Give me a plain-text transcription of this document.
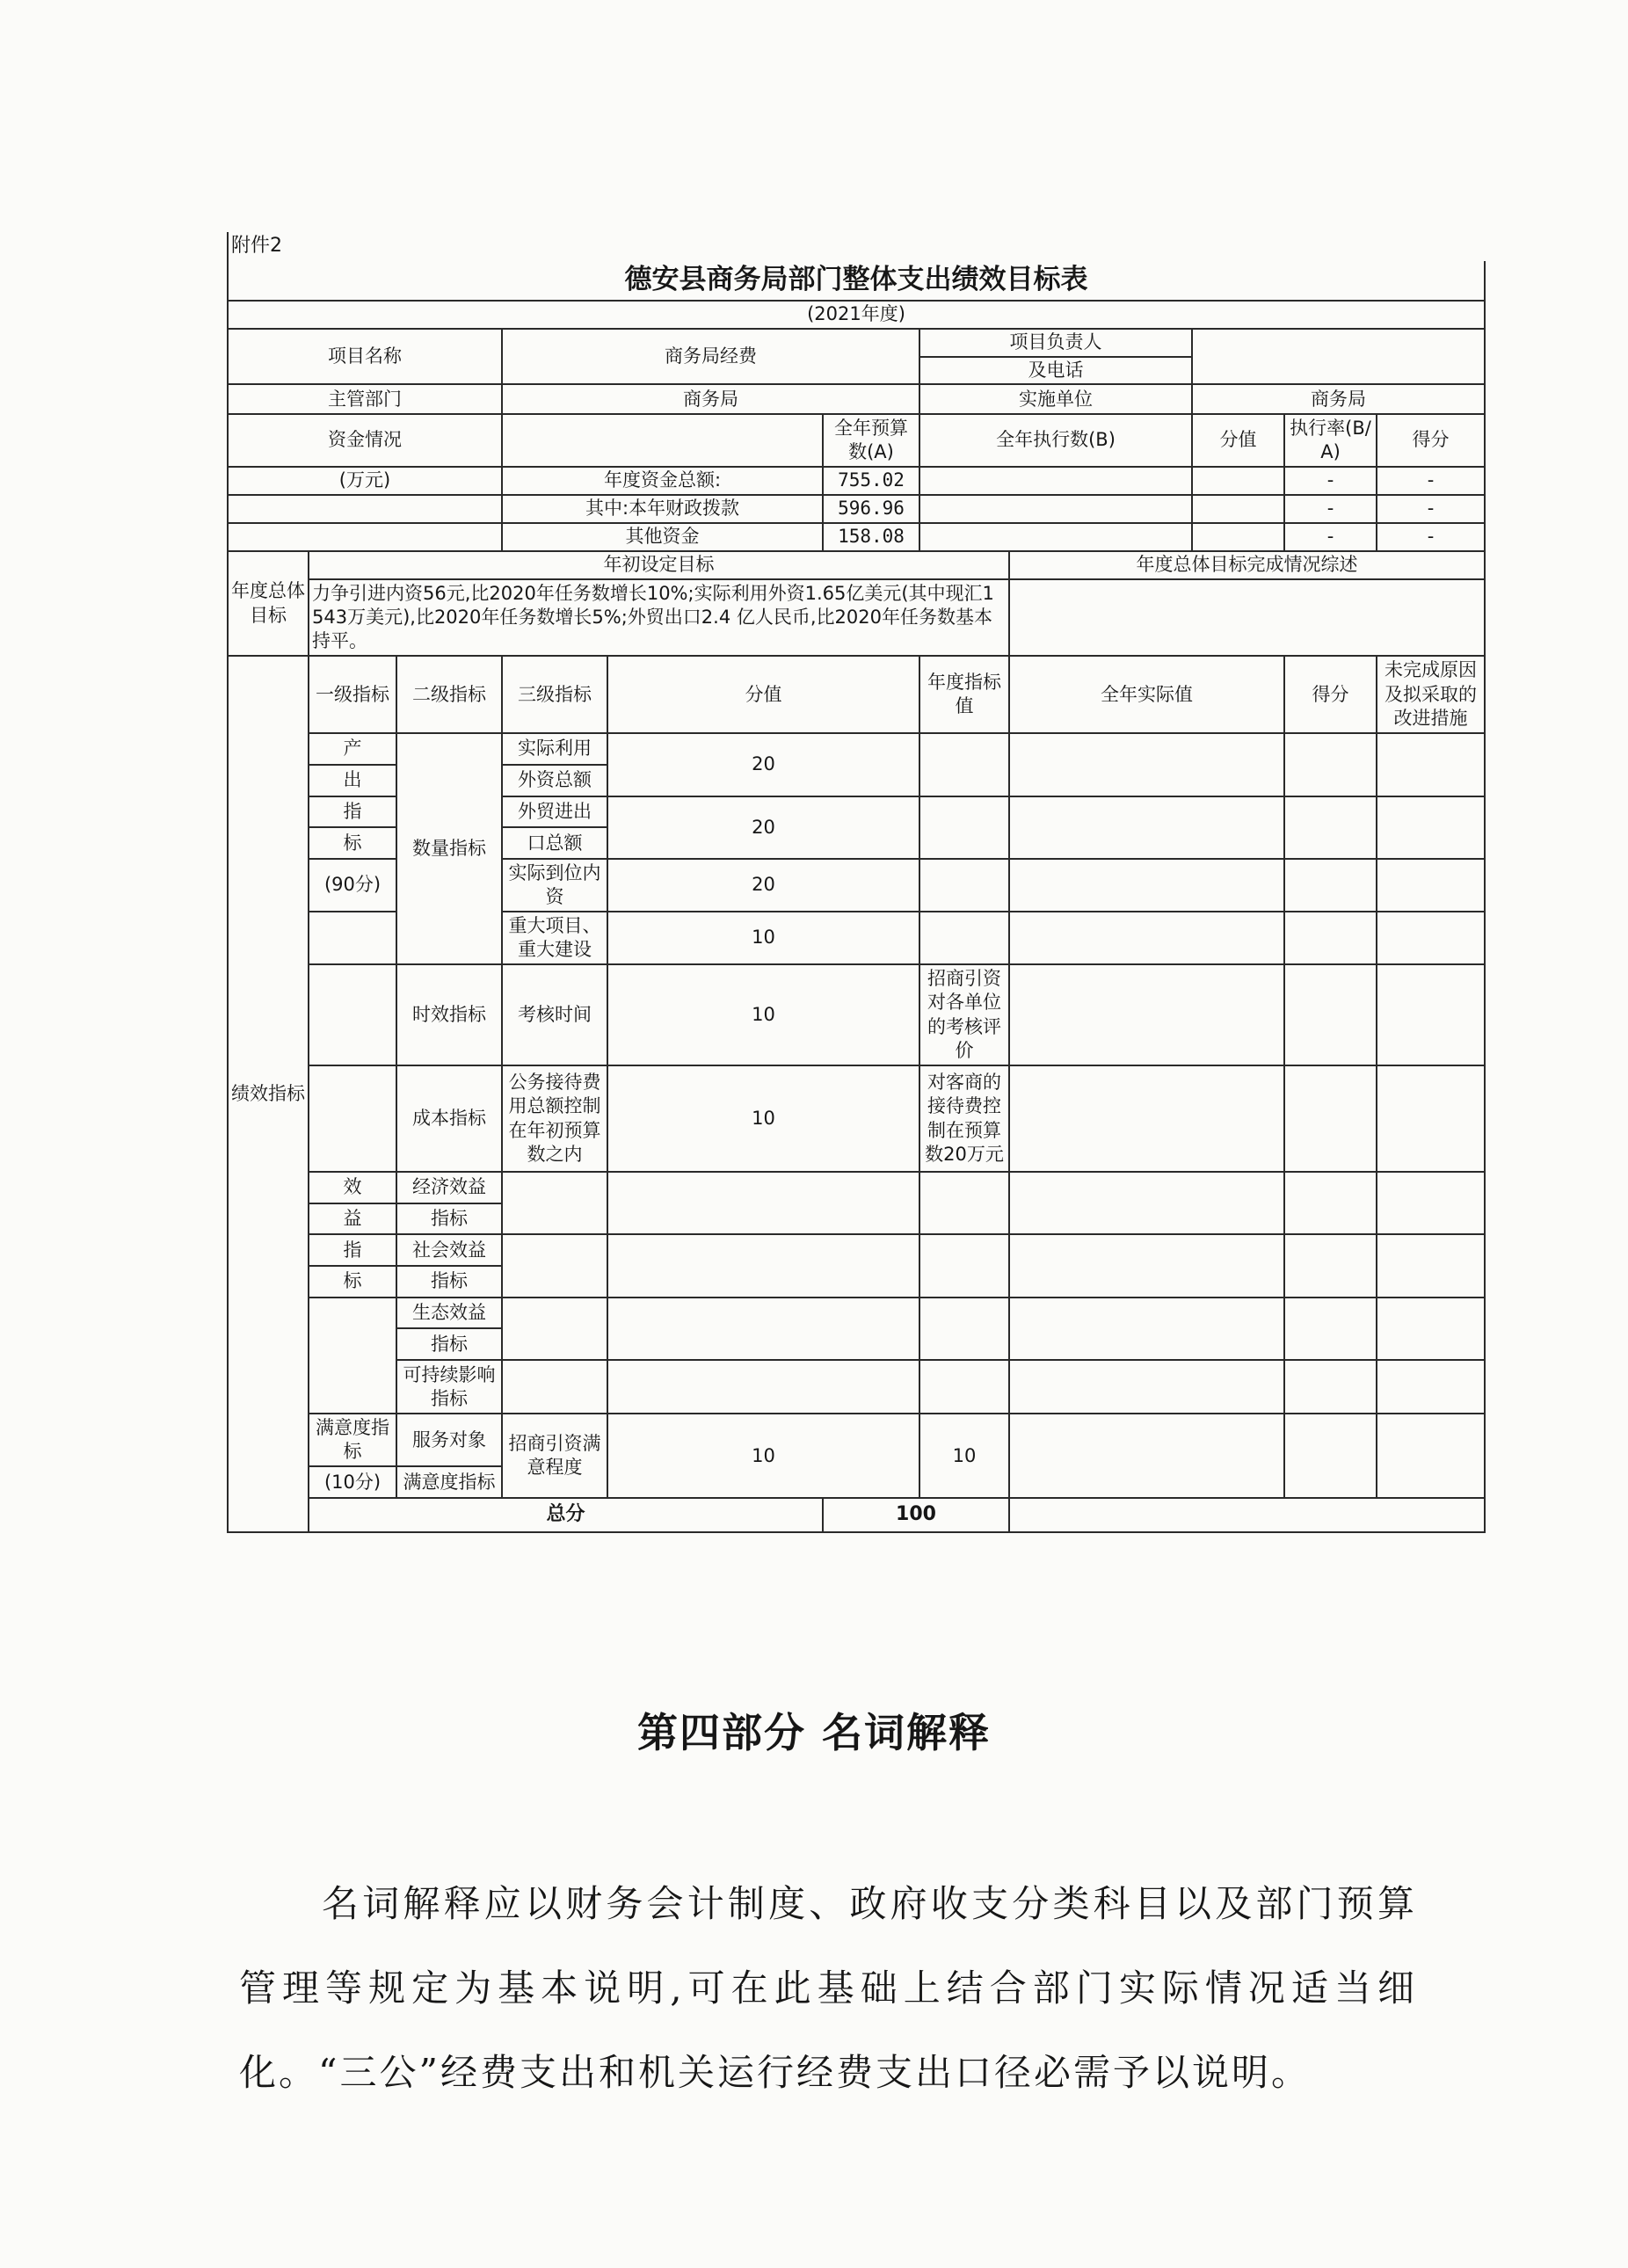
附件2										
德安县商务局部门整体支出绩效目标表										
(2021年度)										
项目名称			商务局经费			项目负责人				
						及电话				
主管部门			商务局			实施单位		商务局		
资金情况					全年预算数(A)	全年执行数(B)		分值	执行率(B/A)	得分
(万元)			年度资金总额:		755.02				-	-
			其中:本年财政拨款		596.96				-	-
			其他资金		158.08				-	-
年度总体目标	年初设定目标						年度总体目标完成情况综述			
	力争引进内资56元,比2020年任务数增长10%;实际利用外资1.65亿美元(其中现汇1543万美元),比2020年任务数增长5%;外贸出口2.4 亿人民币,比2020年任务数基本持平。									
绩效指标	一级指标	二级指标	三级指标	分值		年度指标值	全年实际值		得分	未完成原因及拟采取的改进措施
	产	数量指标	实际利用	20						
	出		外资总额							
	指		外贸进出	20						
	标		口总额							
	(90分)		实际到位内资	20						

			重大项目、重大建设	10						
		时效指标	考核时间	10		招商引资对各单位的考核评价				
		成本指标	公务接待费用总额控制在年初预算数之内	10		对客商的接待费控制在预算数20万元				
	效	经济效益								
	益	指标								
	指	社会效益								
	标	指标								
		生态效益								
		指标								
		可持续影响指标								

	满意度指标	服务对象	招商引资满意程度	10		10				
	(10分)	满意度指标								
	总分				100					
第四部分 名词解释

名词解释应以财务会计制度、政府收支分类科目以及部门预算管理等规定为基本说明,可在此基础上结合部门实际情况适当细化。“三公”经费支出和机关运行经费支出口径必需予以说明。
